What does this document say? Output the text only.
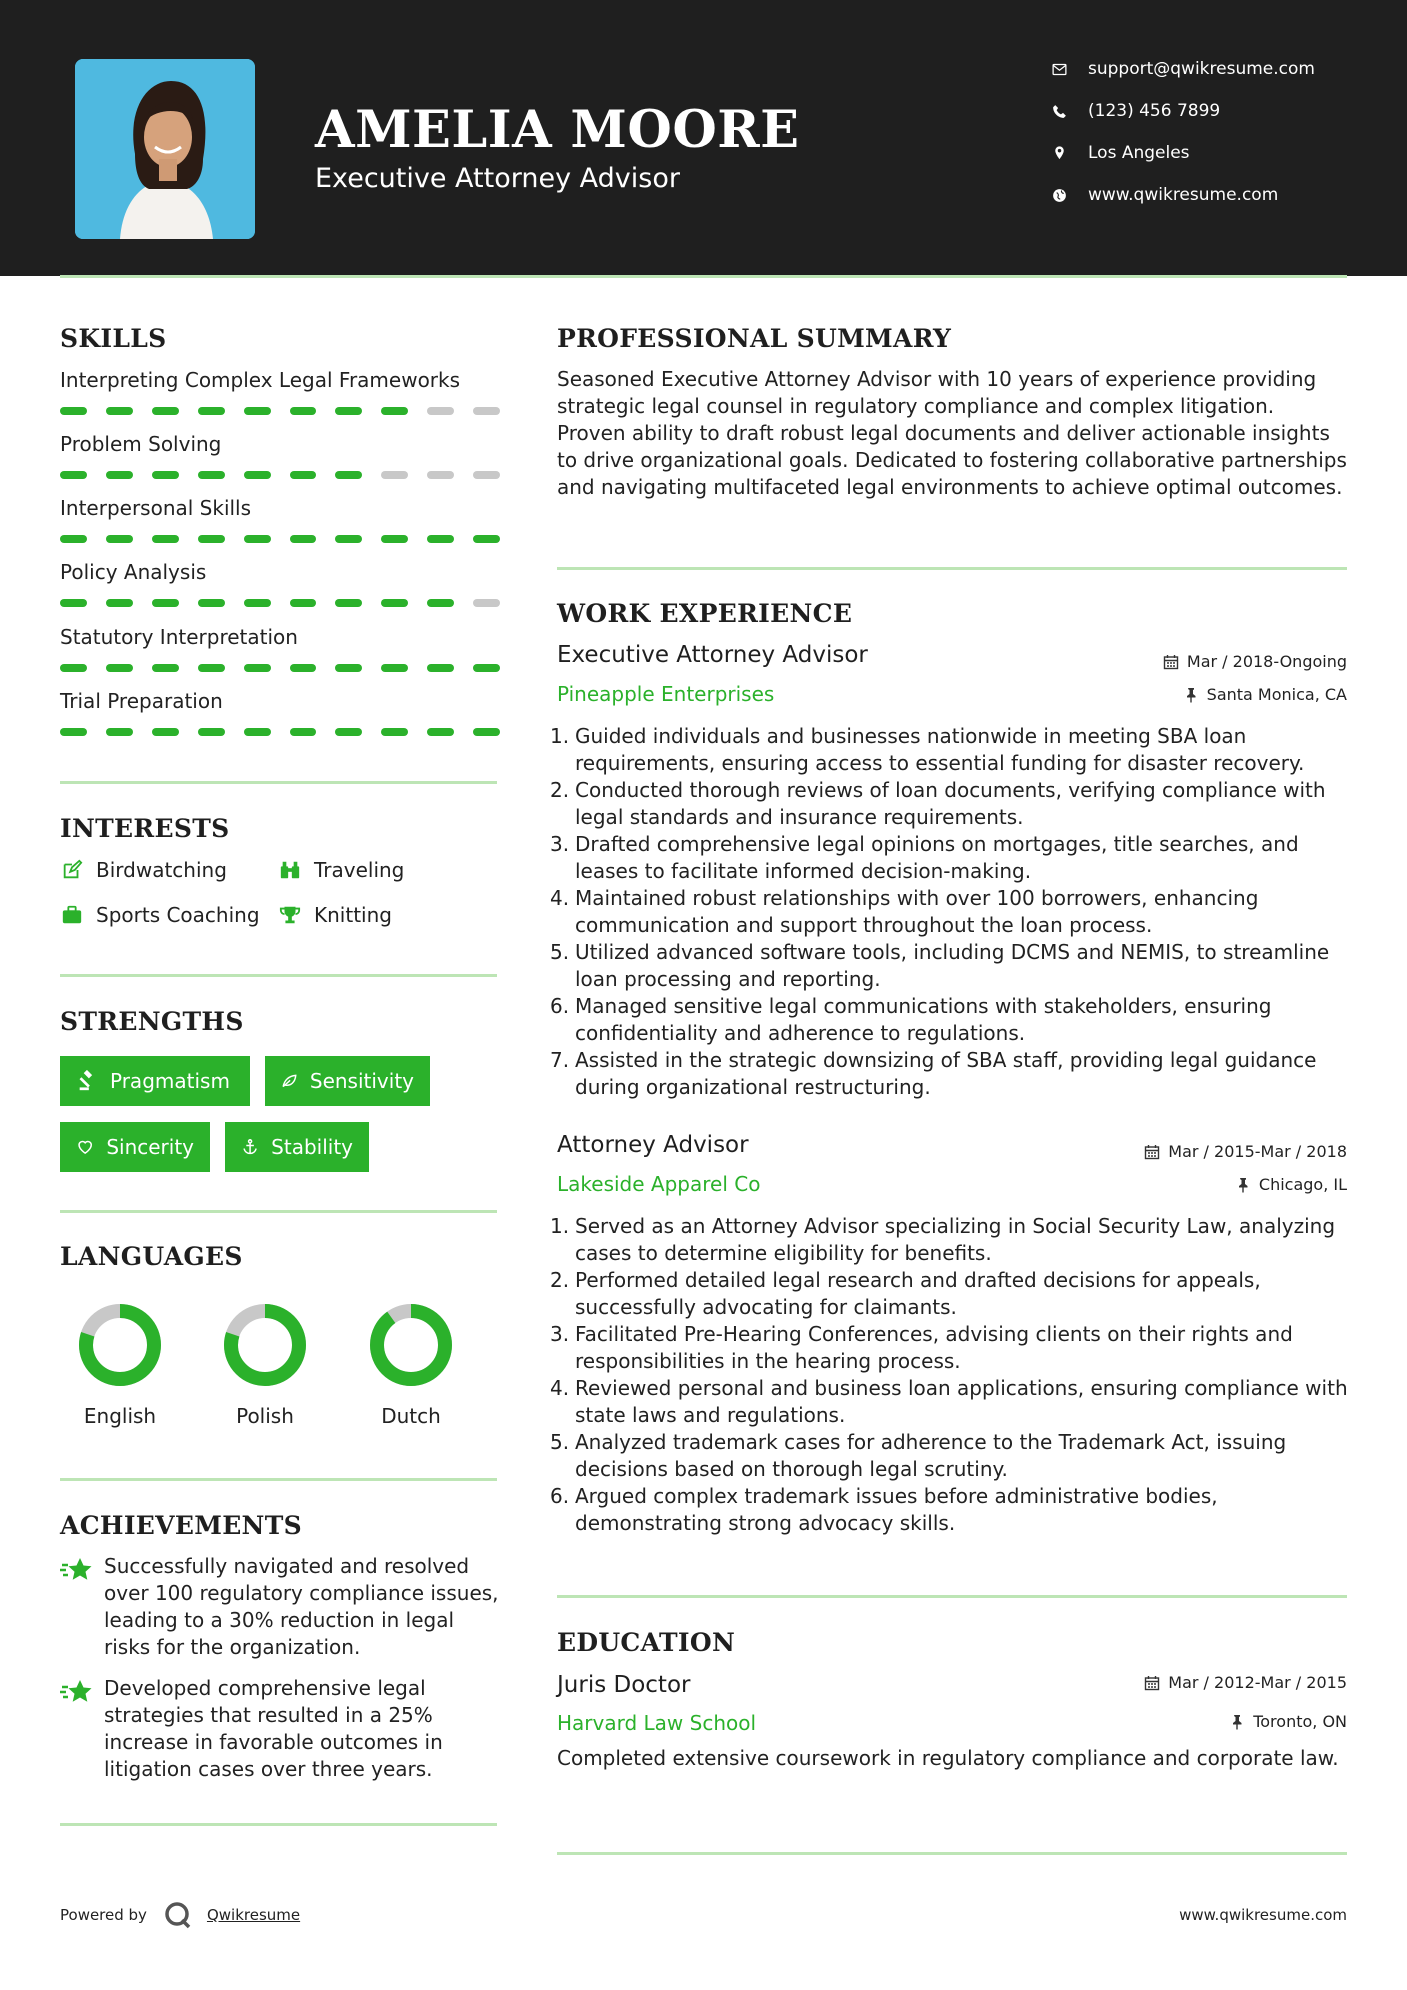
AMELIA MOORE
Executive Attorney Advisor
support@qwikresume.com
(123) 456 7899
Los Angeles
www.qwikresume.com
SKILLS
Interpreting Complex Legal Frameworks
Problem Solving
Interpersonal Skills
Policy Analysis
Statutory Interpretation
Trial Preparation
INTERESTS
Birdwatching	Traveling
Sports Coaching	Knitting
STRENGTHS
Pragmatism	Sensitivity
Sincerity	Stability
LANGUAGES
English	Polish	Dutch
ACHIEVEMENTS
Successfully navigated and resolved over 100 regulatory compliance issues, leading to a 30% reduction in legal risks for the organization.
Developed comprehensive legal strategies that resulted in a 25% increase in favorable outcomes in litigation cases over three years.
PROFESSIONAL SUMMARY
Seasoned Executive Attorney Advisor with 10 years of experience providing strategic legal counsel in regulatory compliance and complex litigation. Proven ability to draft robust legal documents and deliver actionable insights to drive organizational goals. Dedicated to fostering collaborative partnerships and navigating multifaceted legal environments to achieve optimal outcomes.
WORK EXPERIENCE
Executive Attorney Advisor	Mar / 2018-Ongoing
Pineapple Enterprises	Santa Monica, CA
1. Guided individuals and businesses nationwide in meeting SBA loan requirements, ensuring access to essential funding for disaster recovery.
2. Conducted thorough reviews of loan documents, verifying compliance with legal standards and insurance requirements.
3. Drafted comprehensive legal opinions on mortgages, title searches, and leases to facilitate informed decision-making.
4. Maintained robust relationships with over 100 borrowers, enhancing communication and support throughout the loan process.
5. Utilized advanced software tools, including DCMS and NEMIS, to streamline loan processing and reporting.
6. Managed sensitive legal communications with stakeholders, ensuring confidentiality and adherence to regulations.
7. Assisted in the strategic downsizing of SBA staff, providing legal guidance during organizational restructuring.
Attorney Advisor	Mar / 2015-Mar / 2018
Lakeside Apparel Co	Chicago, IL
1. Served as an Attorney Advisor specializing in Social Security Law, analyzing cases to determine eligibility for benefits.
2. Performed detailed legal research and drafted decisions for appeals, successfully advocating for claimants.
3. Facilitated Pre-Hearing Conferences, advising clients on their rights and responsibilities in the hearing process.
4. Reviewed personal and business loan applications, ensuring compliance with state laws and regulations.
5. Analyzed trademark cases for adherence to the Trademark Act, issuing decisions based on thorough legal scrutiny.
6. Argued complex trademark issues before administrative bodies, demonstrating strong advocacy skills.
EDUCATION
Juris Doctor	Mar / 2012-Mar / 2015
Harvard Law School	Toronto, ON
Completed extensive coursework in regulatory compliance and corporate law.
Powered by	Qwikresume	www.qwikresume.com
